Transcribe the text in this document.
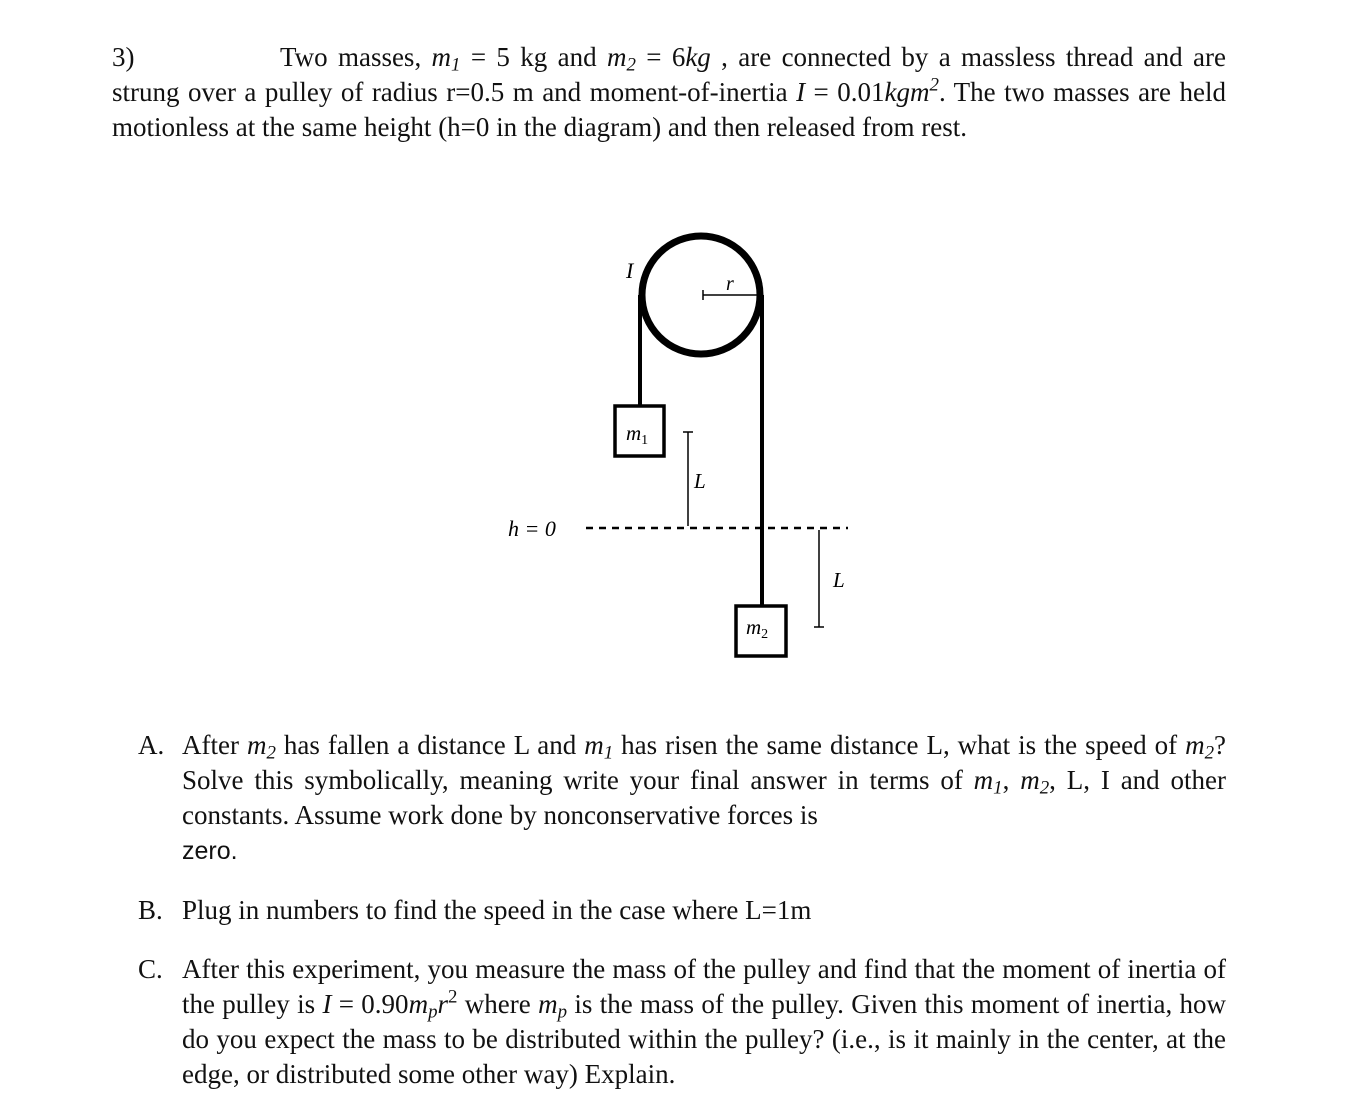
3)	Two masses, $m_1 = 5$ kg and $m_2 = 6kg$ , are connected by a massless thread and are strung over a pulley of radius r=0.5 m and moment-of-inertia I = 0.01kgm$^2$. The two masses are held motionless at the same height (h=0 in the diagram) and then released from rest.

r
I
m1
m2
h = 0
L
L
A. After $m_2$ has fallen a distance L and $m_1$ has risen the same distance L, what is the speed of $m_2$? Solve this symbolically, meaning write your final answer in terms of $m_1$, $m_2$, L, I and other constants. Assume work done by nonconservative forces is
zero.
B. Plug in numbers to find the speed in the case where L=1m
C. After this experiment, you measure the mass of the pulley and find that the moment of inertia of the pulley is $I = 0.90m_pr^2$ where $m_p$ is the mass of the pulley. Given this moment of inertia, how do you expect the mass to be distributed within the pulley? (i.e., is it mainly in the center, at the edge, or distributed some other way) Explain.
